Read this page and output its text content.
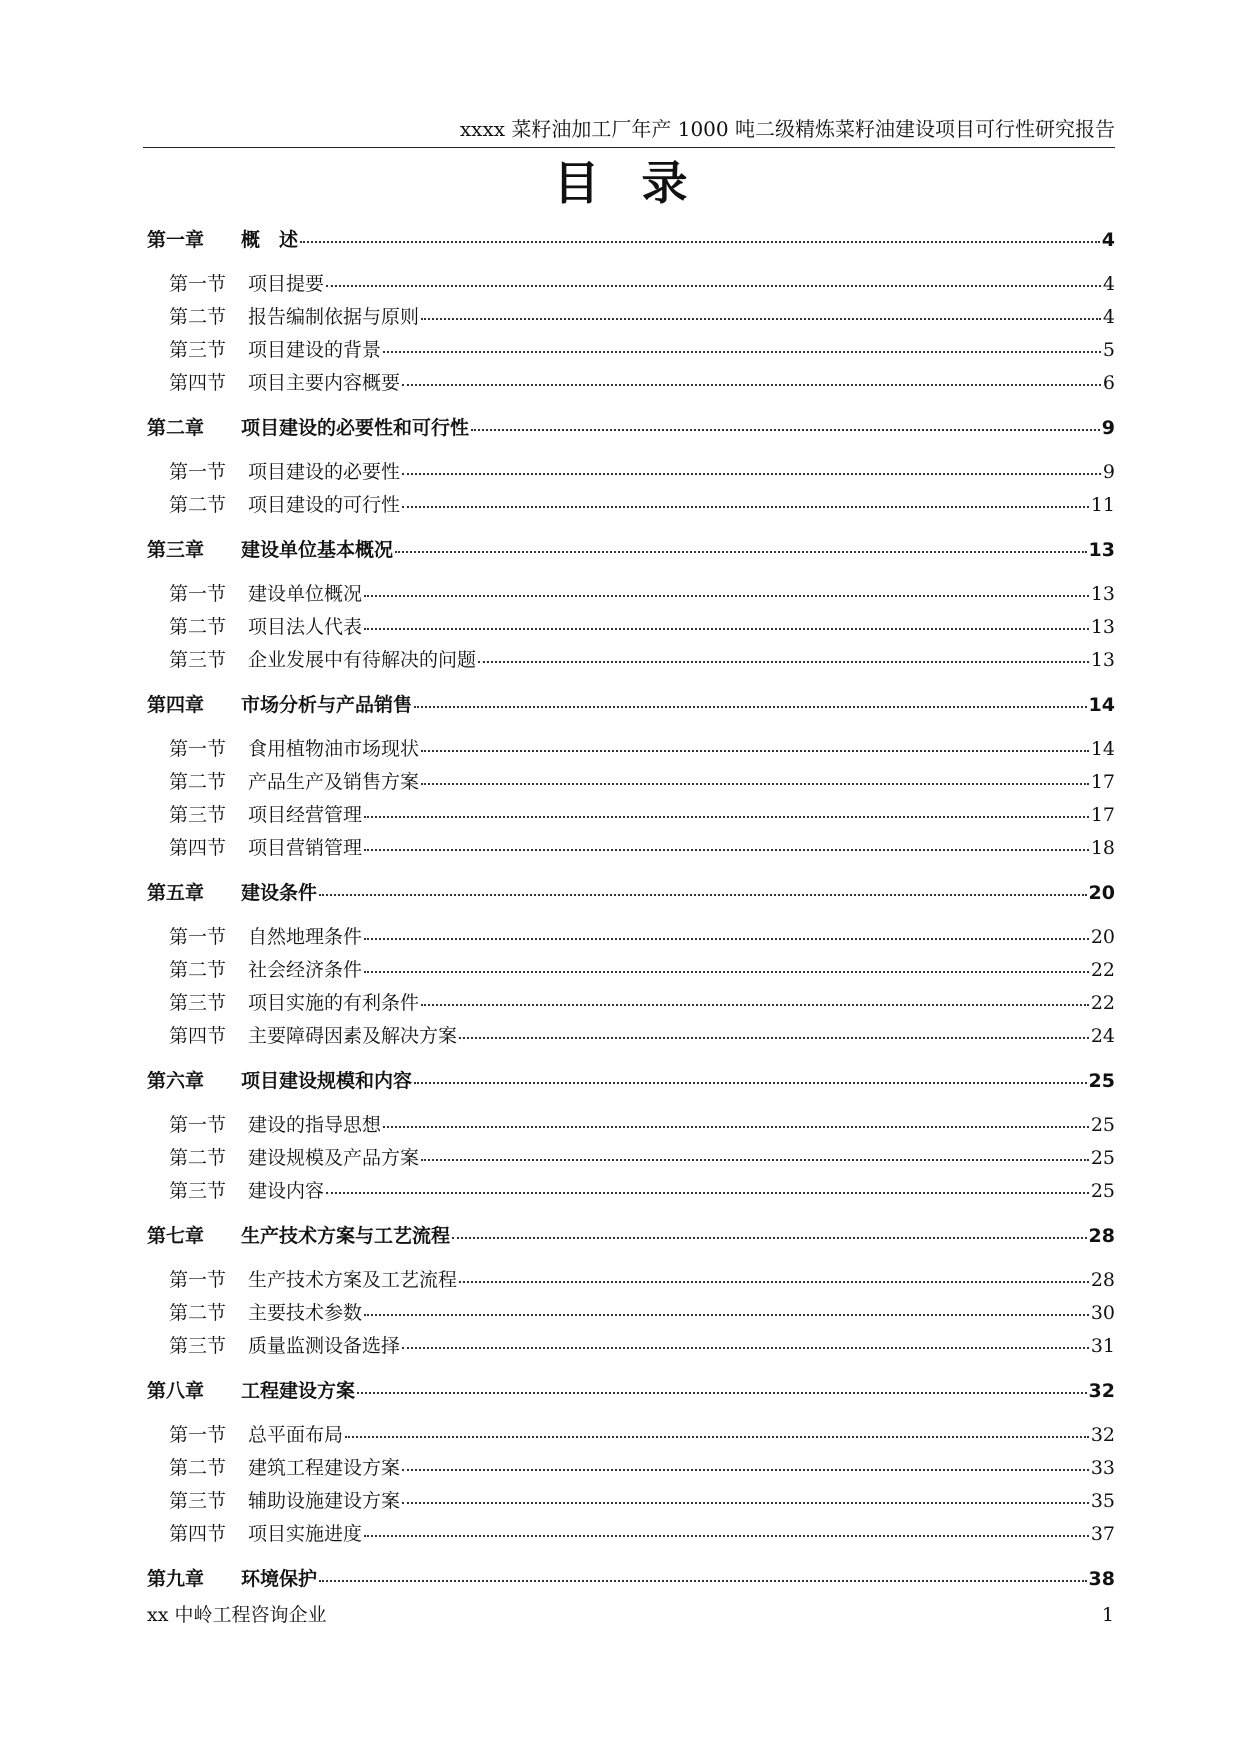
xxxx 菜籽油加工厂年产 1000 吨二级精炼菜籽油建设项目可行性研究报告
目录
第一章	概　述	4
第一节	项目提要	4
第二节	报告编制依据与原则	4
第三节	项目建设的背景	5
第四节	项目主要内容概要	6
第二章	项目建设的必要性和可行性	9
第一节	项目建设的必要性	9
第二节	项目建设的可行性	11
第三章	建设单位基本概况	13
第一节	建设单位概况	13
第二节	项目法人代表	13
第三节	企业发展中有待解决的问题	13
第四章	市场分析与产品销售	14
第一节	食用植物油市场现状	14
第二节	产品生产及销售方案	17
第三节	项目经营管理	17
第四节	项目营销管理	18
第五章	建设条件	20
第一节	自然地理条件	20
第二节	社会经济条件	22
第三节	项目实施的有利条件	22
第四节	主要障碍因素及解决方案	24
第六章	项目建设规模和内容	25
第一节	建设的指导思想	25
第二节	建设规模及产品方案	25
第三节	建设内容	25
第七章	生产技术方案与工艺流程	28
第一节	生产技术方案及工艺流程	28
第二节	主要技术参数	30
第三节	质量监测设备选择	31
第八章	工程建设方案	32
第一节	总平面布局	32
第二节	建筑工程建设方案	33
第三节	辅助设施建设方案	35
第四节	项目实施进度	37
第九章	环境保护	38
xx 中岭工程咨询企业	1
